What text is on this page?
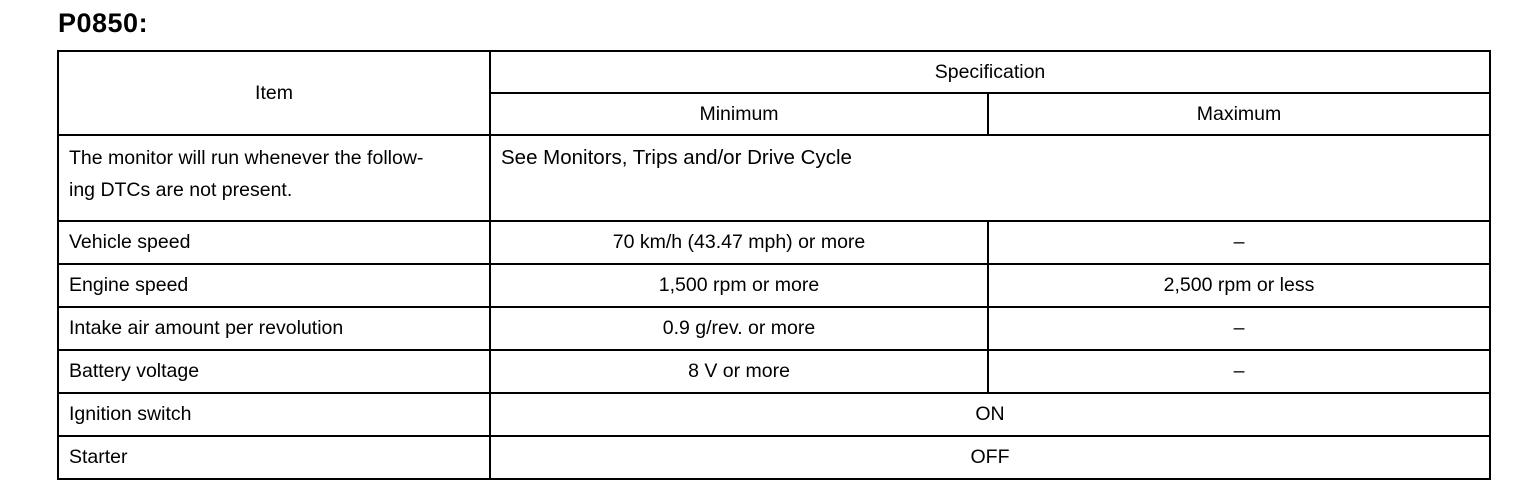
P0850:
Item	Specification	
	Minimum	Maximum
The monitor will run whenever the follow-
ing DTCs are not present.	See Monitors, Trips and/or Drive Cycle	
Vehicle speed	70 km/h (43.47 mph) or more	–
Engine speed	1,500 rpm or more	2,500 rpm or less
Intake air amount per revolution	0.9 g/rev. or more	–
Battery voltage	8 V or more	–
Ignition switch	ON	
Starter	OFF	
